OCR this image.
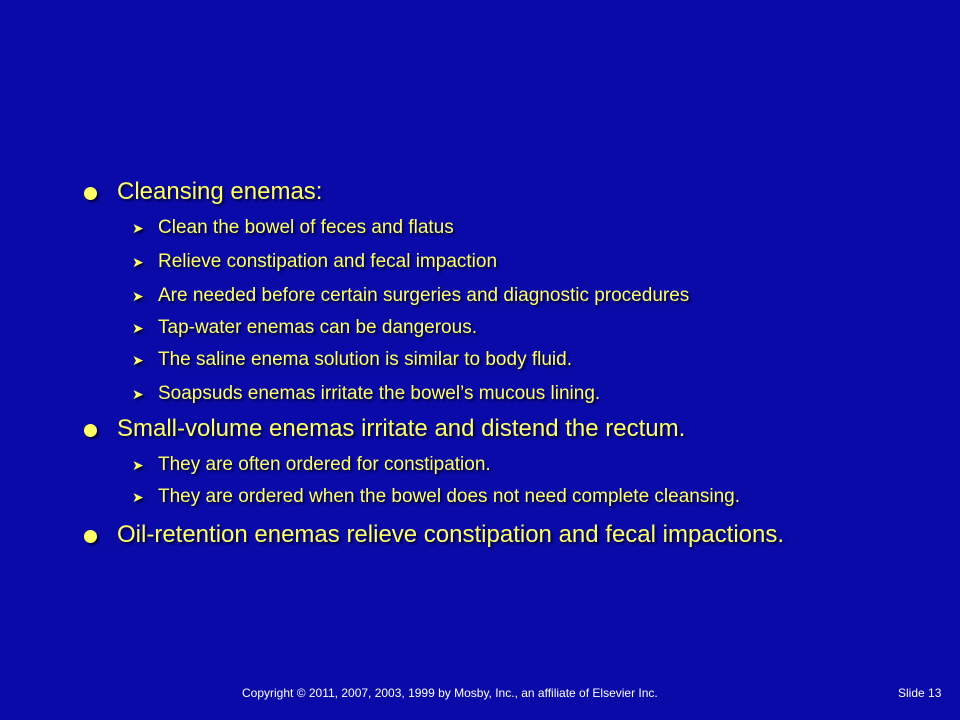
Cleansing enemas:
➤ Clean the bowel of feces and flatus
➤ Relieve constipation and fecal impaction
➤ Are needed before certain surgeries and diagnostic procedures
➤ Tap-water enemas can be dangerous.
➤ The saline enema solution is similar to body fluid.
➤ Soapsuds enemas irritate the bowel’s mucous lining.
Small-volume enemas irritate and distend the rectum.
➤ They are often ordered for constipation.
➤ They are ordered when the bowel does not need complete cleansing.
Oil-retention enemas relieve constipation and fecal impactions.
Copyright © 2011, 2007, 2003, 1999 by Mosby, Inc., an affiliate of Elsevier Inc.	Slide 13
